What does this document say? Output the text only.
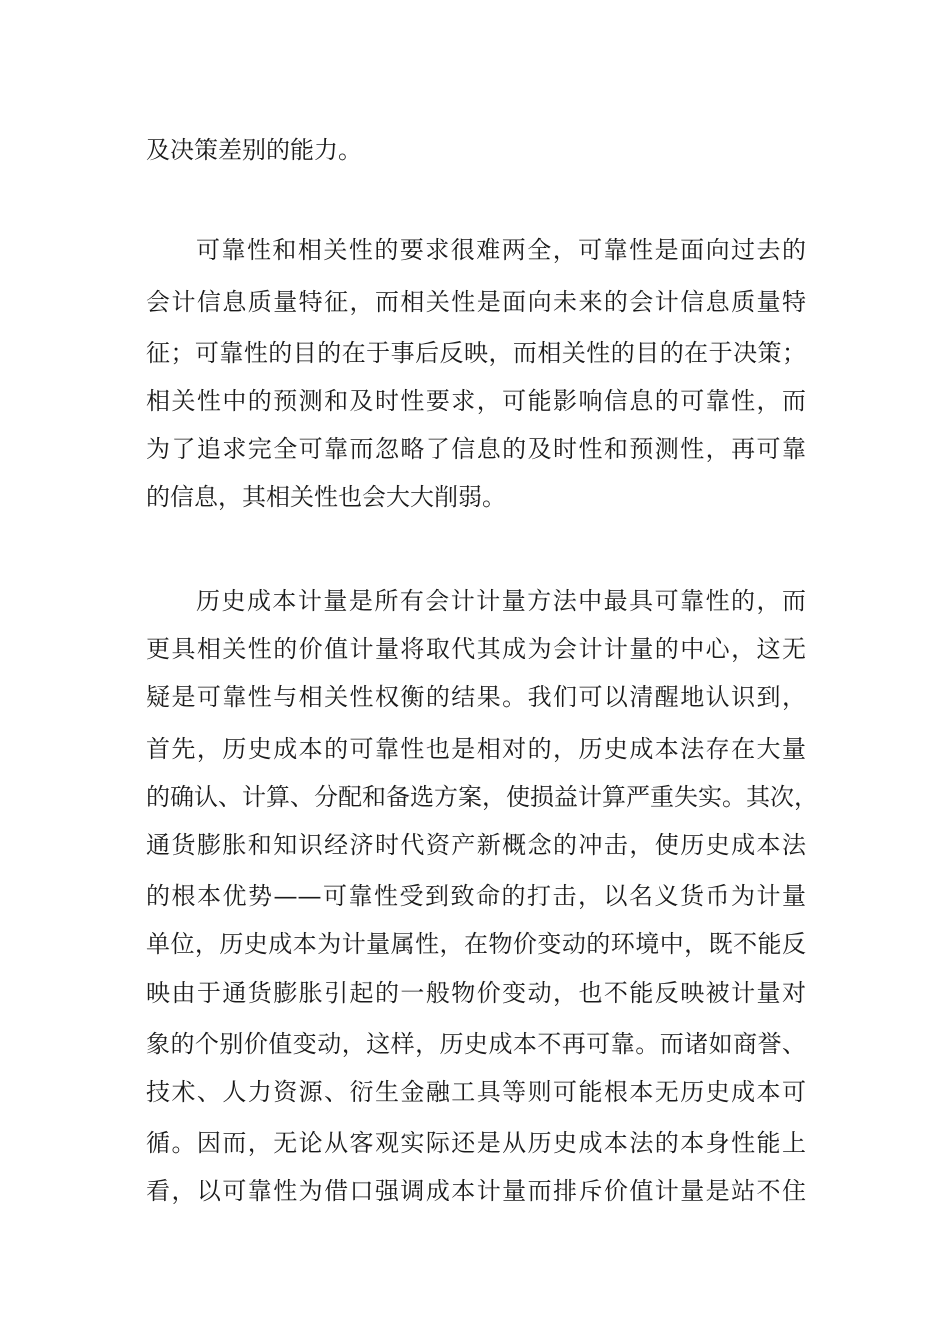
及决策差别的能力。
可靠性和相关性的要求很难两全，可靠性是面向过去的
会计信息质量特征，而相关性是面向未来的会计信息质量特
征；可靠性的目的在于事后反映，而相关性的目的在于决策；
相关性中的预测和及时性要求，可能影响信息的可靠性，而
为了追求完全可靠而忽略了信息的及时性和预测性，再可靠
的信息，其相关性也会大大削弱。
历史成本计量是所有会计计量方法中最具可靠性的，而
更具相关性的价值计量将取代其成为会计计量的中心，这无
疑是可靠性与相关性权衡的结果。我们可以清醒地认识到，
首先，历史成本的可靠性也是相对的，历史成本法存在大量
的确认、计算、分配和备选方案，使损益计算严重失实。其次，
通货膨胀和知识经济时代资产新概念的冲击，使历史成本法
的根本优势——可靠性受到致命的打击，以名义货币为计量
单位，历史成本为计量属性，在物价变动的环境中，既不能反
映由于通货膨胀引起的一般物价变动，也不能反映被计量对
象的个别价值变动，这样，历史成本不再可靠。而诸如商誉、
技术、人力资源、衍生金融工具等则可能根本无历史成本可
循。因而，无论从客观实际还是从历史成本法的本身性能上
看，以可靠性为借口强调成本计量而排斥价值计量是站不住
